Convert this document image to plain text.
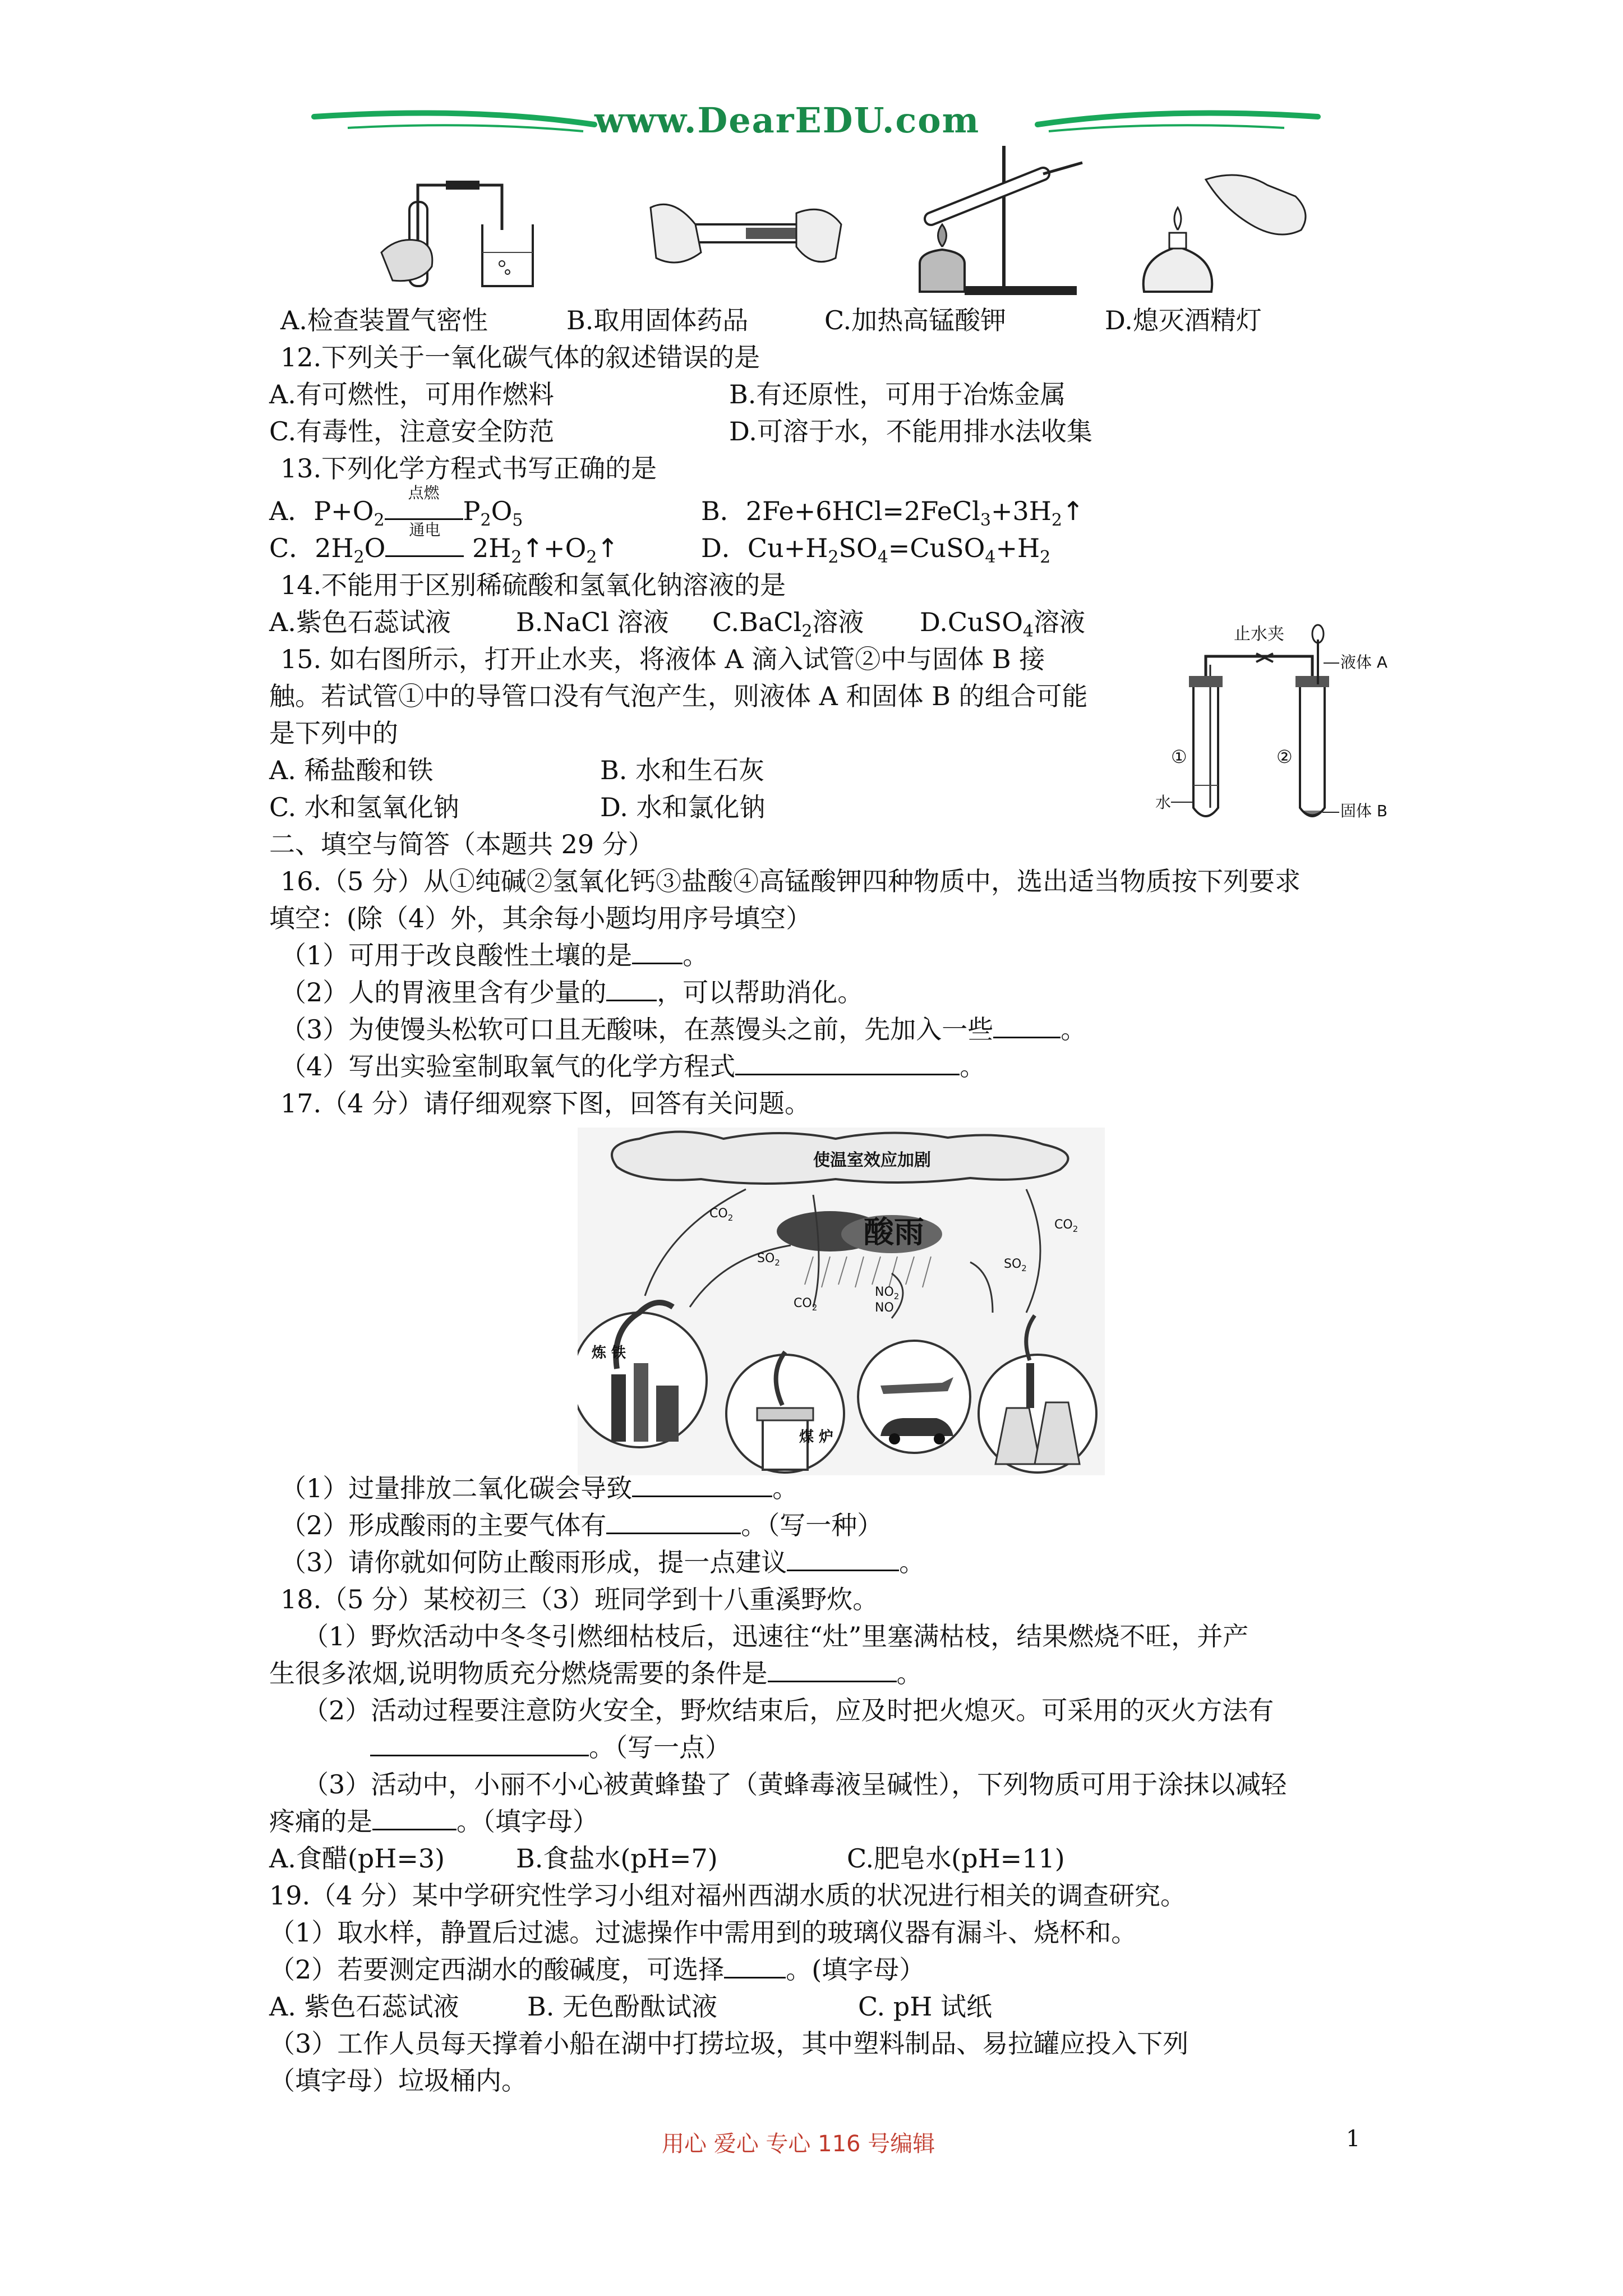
www.DearEDU.com
A.检查装置气密性	B.取用固体药品	C.加热高锰酸钾	D.熄灭酒精灯
12.下列关于一氧化碳气体的叙述错误的是
A.有可燃性，可用作燃料	B.有还原性，可用于冶炼金属
C.有毒性，注意安全防范	D.可溶于水，不能用排水法收集
13.下列化学方程式书写正确的是
A．$P+O_2$
点燃
$P_2O_5$	B．$2Fe+6HCl=2FeCl_3+3H_2↑$
C．$2H_2O$
通电
$2H_2↑+O_2↑$	D．$Cu+H_2SO_4=CuSO_4+H_2$
14.不能用于区别稀硫酸和氢氧化钠溶液的是
A.紫色石蕊试液	B.NaCl 溶液 C.BaCl$_2$溶液 D.CuSO$_4$溶液
15. 如右图所示，打开止水夹，将液体 A 滴入试管②中与固体 B 接
触。若试管①中的导管口没有气泡产生，则液体 A 和固体 B 的组合可能
是下列中的
A. 稀盐酸和铁	B. 水和生石灰
C. 水和氢氧化钠	D. 水和氯化钠
止水夹
液体 A
①	②
水	固体 B
二、填空与简答（本题共 29 分）
16.（5 分）从①纯碱②氢氧化钙③盐酸④高锰酸钾四种物质中，选出适当物质按下列要求
填空：(除（4）外，其余每小题均用序号填空）
（1）可用于改良酸性土壤的是 。
（2）人的胃液里含有少量的 ，可以帮助消化。
（3）为使馒头松软可口且无酸味，在蒸馒头之前，先加入一些	。
（4）写出实验室制取氧气的化学方程式	。
17.（4 分）请仔细观察下图，回答有关问题。
使温室效应加剧
酸雨
$CO_2$
$SO_2$
$CO_2$
$NO_2$
NO
$SO_2$
$CO_2$
炼 铁
煤 炉
（1）过量排放二氧化碳会导致	。
（2）形成酸雨的主要气体有	。（写一种）
（3）请你就如何防止酸雨形成，提一点建议	。
18.（5 分）某校初三（3）班同学到十八重溪野炊。
（1）野炊活动中冬冬引燃细枯枝后，迅速往“灶”里塞满枯枝，结果燃烧不旺，并产
生很多浓烟,说明物质充分燃烧需要的条件是	。
（2）活动过程要注意防火安全，野炊结束后，应及时把火熄灭。可采用的灭火方法有
。（写一点）
（3）活动中，小丽不小心被黄蜂蛰了（黄蜂毒液呈碱性），下列物质可用于涂抹以减轻
疼痛的是	。（填字母）
A.食醋(pH=3)	B.食盐水(pH=7)	C.肥皂水(pH=11)
19.（4 分）某中学研究性学习小组对福州西湖水质的状况进行相关的调查研究。
（1）取水样，静置后过滤。过滤操作中需用到的玻璃仪器有漏斗、烧杯和。
（2）若要测定西湖水的酸碱度，可选择 。(填字母）
A. 紫色石蕊试液	B. 无色酚酞试液	C. pH 试纸
（3）工作人员每天撑着小船在湖中打捞垃圾，其中塑料制品、易拉罐应投入下列
（填字母）垃圾桶内。
用心 爱心 专心 116 号编辑	1
